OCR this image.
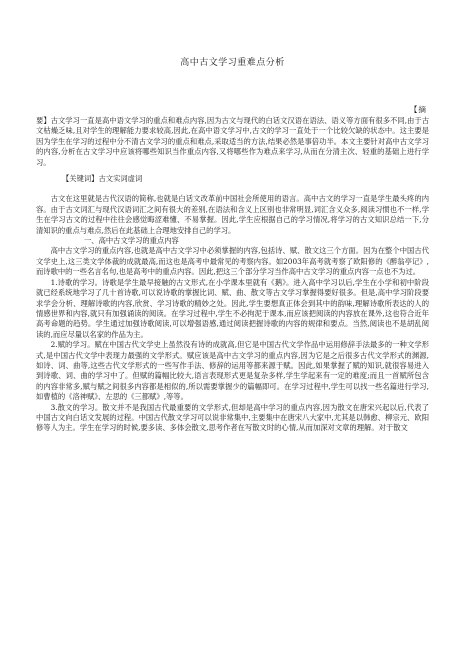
高中古文学习重难点分析
【摘

要】古文学习一直是高中语文学习的重点和难点内容,因为古文与现代的白话文汉语在语法、语义等方面有很多不同,由于古文枯燥乏味,且对学生的理解能力要求较高,因此,在高中语文学习中,古文的学习一直处于一个比较欠缺的状态中。这主要是因为学生在学习的过程中分不清古文学习的重点和难点,采取适当的方法,结果必然是事倍功半。本文主要针对高中古文学习的内容,分析在古文学习中应该将哪些知识当作重点内容,又将哪些作为难点来学习,从而在分清主次、轻重的基础上进行学习。

【关键词】古文实词虚词

古文在这里就是古代汉语的简称,也就是白话文改革前中国社会所使用的语言。高中古文的学习一直是学生最头疼的内容。由于古文词汇与现代汉语词汇之间有很大的差别,在语法和含义上区别也非常明显,词汇含义众多,阅读习惯也不一样,学生在学习古文的过程中往往会感觉晦涩难懂、不易掌握。因此,学生应根据自己的学习情况,将学习的古文知识总结一下,分清知识的重点与难点,然后在此基础上合理地安排自己的学习。

一、高中古文学习的重点内容

高中古文学习的重点内容,也就是高中古文学习中必须掌握的内容,包括诗、赋、散文这三个方面。因为在整个中国古代文学史上,这三类文学体裁的成就最高,而这也是高考中最常见的考察内容。如2003年高考就考察了欧阳修的《醉翁亭记》,而诗歌中的一些名言名句,也是高考中的重点内容。因此,把这三个部分学习当作高中古文学习的重点内容一点也不为过。

1.诗歌的学习。诗歌是学生最早接触的古文形式,在小学课本里就有《鹅》。进入高中学习以后,学生在小学和初中阶段就已经系统地学习了几十首诗歌,可以说诗歌的掌握比词、赋、曲、散文等古文学习掌握得要好很多。但是,高中学习阶段要求学会分析、理解诗歌的内容,欣赏、学习诗歌的精妙之处。因此,学生要想真正体会到其中的韵味,理解诗歌所表达的人的情感世界和内容,就只有加强诵读的阅读。在学习过程中,学生不必拘泥于课本,而应该把阅读的内容放在课外,这也符合近年高考命题的趋势。学生通过加强诗歌阅读,可以增强语感,通过阅读把握诗歌的内容的规律和要点。当然,阅读也不是胡乱阅读的,而应尽量以名家的作品为主。

2.赋的学习。赋在中国古代文学史上虽然没有诗的成就高,但它是中国古代文学作品中运用修辞手法最多的一种文学形式,是中国古代文学中表现力最强的文学形式。赋应该是高中古文学习的重点内容,因为它是之后很多古代文学形式的渊源,如诗、词、曲等,这些古代文学形式的一些写作手法、修辞的运用等都来源于赋。因此,如果掌握了赋的知识,就很容易进入到诗歌、词、曲的学习中了。但赋的篇幅比较大,语言表现形式更是复杂多样,学生学起来有一定的难度;而且一首赋所包含的内容非常多,赋与赋之间很多内容都是相似的,所以需要掌握少的篇幅即可。在学习过程中,学生可以找一些名篇进行学习,如曹植的《洛神赋》、左思的《三都赋》,等等。

3.散文的学习。散文并不是我国古代最重要的文学形式,但却是高中学习的重点内容,因为散文在唐宋兴起以后,代表了中国古文向白话文发展的过程。中国古代散文学习可以说非常集中,主要集中在唐宋八大家中,尤其是以韩愈、柳宗元、欧阳修等人为主。学生在学习的时候,要多读、多体会散文,思考作者在写散文时的心情,从而加深对文章的理解。对于散文
